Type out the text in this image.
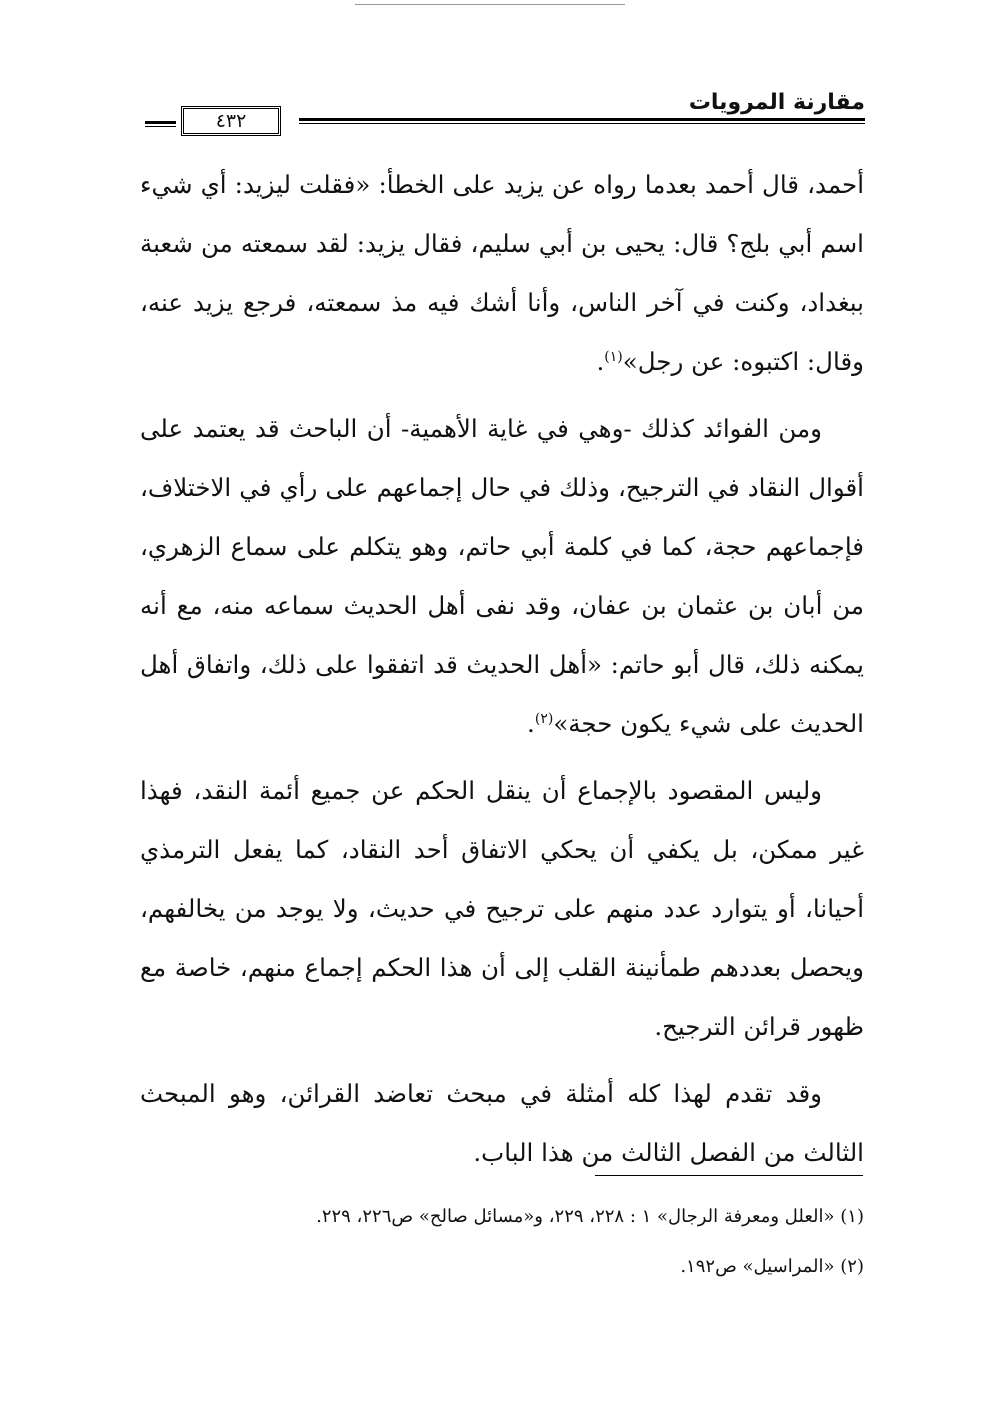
مقارنة المرويات
٤٣٢

أحمد، قال أحمد بعدما رواه عن يزيد على الخطأ: «فقلت ليزيد: أي شيء اسم أبي بلج؟ قال: يحيى بن أبي سليم، فقال يزيد: لقد سمعته من شعبة ببغداد، وكنت في آخر الناس، وأنا أشك فيه مذ سمعته، فرجع يزيد عنه، وقال: اكتبوه: عن رجل»$^{(١)}$.

ومن الفوائد كذلك -وهي في غاية الأهمية- أن الباحث قد يعتمد على أقوال النقاد في الترجيح، وذلك في حال إجماعهم على رأي في الاختلاف، فإجماعهم حجة، كما في كلمة أبي حاتم، وهو يتكلم على سماع الزهري، من أبان بن عثمان بن عفان، وقد نفى أهل الحديث سماعه منه، مع أنه يمكنه ذلك، قال أبو حاتم: «أهل الحديث قد اتفقوا على ذلك، واتفاق أهل الحديث على شيء يكون حجة»$^{(٢)}$.

وليس المقصود بالإجماع أن ينقل الحكم عن جميع أئمة النقد، فهذا غير ممكن، بل يكفي أن يحكي الاتفاق أحد النقاد، كما يفعل الترمذي أحيانا، أو يتوارد عدد منهم على ترجيح في حديث، ولا يوجد من يخالفهم، ويحصل بعددهم طمأنينة القلب إلى أن هذا الحكم إجماع منهم، خاصة مع ظهور قرائن الترجيح.

وقد تقدم لهذا كله أمثلة في مبحث تعاضد القرائن، وهو المبحث الثالث من الفصل الثالث من هذا الباب.

(١) «العلل ومعرفة الرجال» ١ : ٢٢٨، ٢٢٩، و«مسائل صالح» ص٢٢٦، ٢٢٩.

(٢) «المراسيل» ص١٩٢.
